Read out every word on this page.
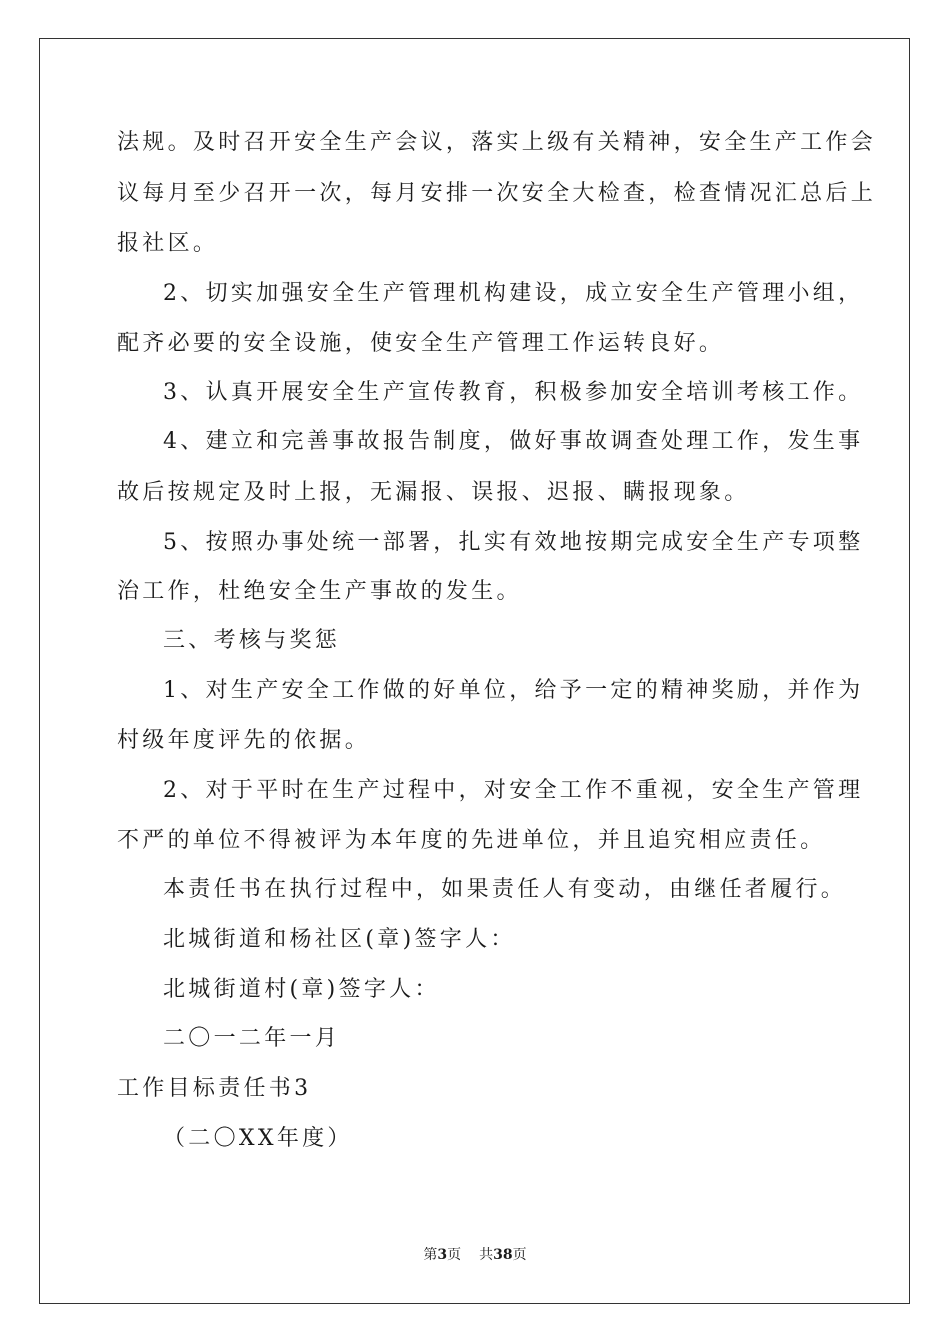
法规。及时召开安全生产会议，落实上级有关精神，安全生产工作会
议每月至少召开一次，每月安排一次安全大检查，检查情况汇总后上
报社区。
2、切实加强安全生产管理机构建设，成立安全生产管理小组，
配齐必要的安全设施，使安全生产管理工作运转良好。
3、认真开展安全生产宣传教育，积极参加安全培训考核工作。
4、建立和完善事故报告制度，做好事故调查处理工作，发生事
故后按规定及时上报，无漏报、误报、迟报、瞒报现象。
5、按照办事处统一部署，扎实有效地按期完成安全生产专项整
治工作，杜绝安全生产事故的发生。
三、考核与奖惩
1、对生产安全工作做的好单位，给予一定的精神奖励，并作为
村级年度评先的依据。
2、对于平时在生产过程中，对安全工作不重视，安全生产管理
不严的单位不得被评为本年度的先进单位，并且追究相应责任。
本责任书在执行过程中，如果责任人有变动，由继任者履行。
北城街道和杨社区(章)签字人：
北城街道村(章)签字人：
二〇一二年一月
工作目标责任书3
（二〇XX年度）
第3页 共38页
